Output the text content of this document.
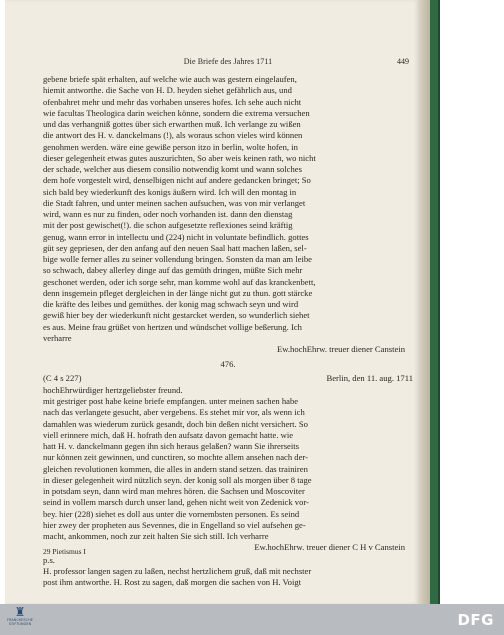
Die Briefe des Jahres 1711	449
gebene briefe spät erhalten, auf welche wie auch was gestern eingelaufen,
hiemit antworthe. die Sache von H. D. heyden siehet gefährlich aus, und
ofenbahret mehr und mehr das vorhaben unseres hofes. Ich sehe auch nicht
wie facultas Theologica darin weichen könne, sondern die extrema versuchen
und das verhangniß gottes über sich erwarthen muß. Ich verlange zu wißen
die antwort des H. v. danckelmans (!), als woraus schon vieles wird können
genohmen werden. wäre eine gewiße person itzo in berlin, wolte hofen, in
dieser gelegenheit etwas gutes auszurichten, So aber weis keinen rath, wo nicht
der schade, welcher aus diesem consilio notwendig komt und wann solches
dem hofe vorgestelt wird, denselbigen nicht auf andere gedancken bringet; So
sich bald bey wiederkunft des konigs äußern wird. Ich will den montag in
die Stadt fahren, und unter meinen sachen aufsuchen, was von mir verlanget
wird, wann es nur zu finden, oder noch vorhanden ist. dann den dienstag
mit der post gewischet(!). die schon aufgesetzte reflexiones seind kräftig
genug, wann error in intellectu und (224) nicht in voluntate befindlich. gottes
güt sey gepriesen, der den anfang auf den neuen Saal hatt machen laßen, sel-
bige wolle ferner alles zu seiner vollendung bringen. Sonsten da man am leibe
so schwach, dabey allerley dinge auf das gemüth dringen, müßte Sich mehr
geschonet werden, oder ich sorge sehr, man komme wohl auf das kranckenbett,
denn insgemein pfleget dergleichen in der länge nicht gut zu thun. gott stärcke
die kräfte des leibes und gemüthes. der konig mag schwach seyn und wird
gewiß hier bey der wiederkunft nicht gestarcket werden, so wunderlich siehet
es aus. Meine frau grüßet von hertzen und wündschet vollige beßerung. Ich
verharre
Ew.hochEhrw. treuer diener Canstein
476.
(C 4 s 227)	Berlin, den 11. aug. 1711
hochEhrwürdiger hertzgeliebster freund.
mit gestriger post habe keine briefe empfangen. unter meinen sachen habe
nach das verlangete gesucht, aber vergebens. Es stehet mir vor, als wenn ich
damahlen was wiederum zurück gesandt, doch bin deßen nicht versichert. So
viell erinnere mich, daß H. hofrath den aufsatz davon gemacht hatte. wie
hatt H. v. danckelmann gegen ihn sich heraus gelaßen? wann Sie ihrerseits
nur können zeit gewinnen, und cunctiren, so mochte allem ansehen nach der-
gleichen revolutionen kommen, die alles in andern stand setzen. das trainiren
in dieser gelegenheit wird nützlich seyn. der konig soll als morgen über 8 tage
in potsdam seyn, dann wird man mehres hören. die Sachsen und Moscoviter
seind in vollem marsch durch unser land, gehen nicht weit von Zedenick vor-
bey. hier (228) siehet es doll aus unter die vornembsten personen. Es seind
hier zwey der propheten aus Sevennes, die in Engelland so viel aufsehen ge-
macht, ankommen, noch zur zeit halten Sie sich still. Ich verharre
Ew.hochEhrw. treuer diener C H v Canstein
p.s.
H. professor langen sagen zu laßen, nechst hertzlichem gruß, daß mit nechster
post ihm antworthe. H. Rost zu sagen, daß morgen die sachen von H. Voigt
29 Pietismus I
♜
FRANCKESCHE
STIFTUNGEN	DFG
